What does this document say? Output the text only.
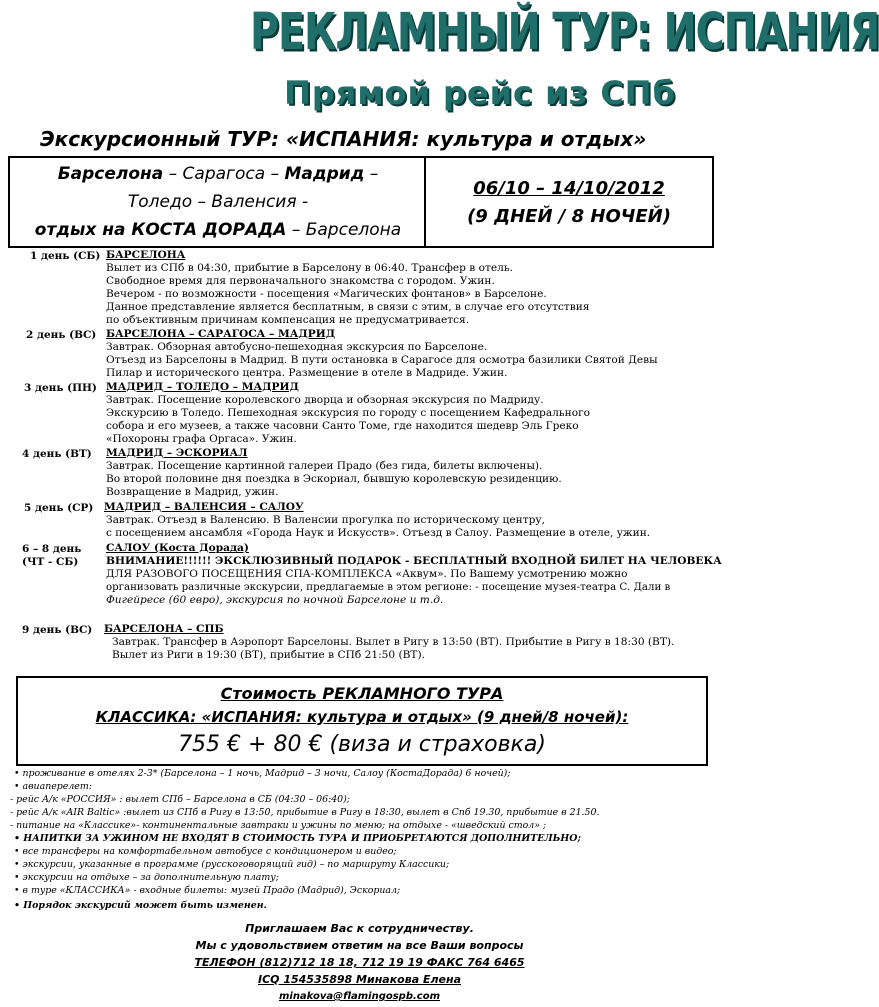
РЕКЛАМНЫЙ ТУР: ИСПАНИЯ
Прямой рейс из СПб
Экскурсионный ТУР: «ИСПАНИЯ: культура и отдых»
Барселона – Сарагоса – Мадрид –
Толедо – Валенсия -
отдых на КОСТА ДОРАДА – Барселона
06/10 – 14/10/2012
(9 ДНЕЙ / 8 НОЧЕЙ)
1 день (СБ) БАРСЕЛОНА
Вылет из СПб в 04:30, прибытие в Барселону в 06:40. Трансфер в отель.
Свободное время для первоначального знакомства с городом. Ужин.
Вечером - по возможности - посещения «Магических фонтанов» в Барселоне.
Данное представление является бесплатным, в связи с этим, в случае его отсутствия
по объективным причинам компенсация не предусматривается.
2 день (ВС) БАРСЕЛОНА – САРАГОСА – МАДРИД
Завтрак. Обзорная автобусно-пешеходная экскурсия по Барселоне.
Отъезд из Барселоны в Мадрид. В пути остановка в Сарагосе для осмотра базилики Святой Девы
Пилар и исторического центра. Размещение в отеле в Мадриде. Ужин.
3 день (ПН) МАДРИД – ТОЛЕДО – МАДРИД
Завтрак. Посещение королевского дворца и обзорная экскурсия по Мадриду.
Экскурсию в Толедо. Пешеходная экскурсия по городу с посещением Кафедрального
собора и его музеев, а также часовни Санто Томе, где находится шедевр Эль Греко
«Похороны графа Оргаса». Ужин.
4 день (ВТ) МАДРИД – ЭСКОРИАЛ
Завтрак. Посещение картинной галереи Прадо (без гида, билеты включены).
Во второй половине дня поездка в Эскориал, бывшую королевскую резиденцию.
Возвращение в Мадрид, ужин.
5 день (СР) МАДРИД – ВАЛЕНСИЯ – САЛОУ
Завтрак. Отъезд в Валенсию. В Валенсии прогулка по историческому центру,
с посещением ансамбля «Города Наук и Искусств». Отъезд в Салоу. Размещение в отеле, ужин.
6 – 8 день
(ЧТ - СБ)
САЛОУ (Коста Дорада)
ВНИМАНИЕ!!!!!! ЭКСКЛЮЗИВНЫЙ ПОДАРОК - БЕСПЛАТНЫЙ ВХОДНОЙ БИЛЕТ НА ЧЕЛОВЕКА
ДЛЯ РАЗОВОГО ПОСЕЩЕНИЯ СПА-КОМПЛЕКСА «Аквум». По Вашему усмотрению можно
организовать различные экскурсии, предлагаемые в этом регионе: - посещение музея-театра С. Дали в
Фигейресе (60 евро), экскурсия по ночной Барселоне и т.д.
9 день (ВС) БАРСЕЛОНА – СПБ
Завтрак. Трансфер в Аэропорт Барселоны. Вылет в Ригу в 13:50 (ВТ). Прибытие в Ригу в 18:30 (ВТ).
Вылет из Риги в 19:30 (ВТ), прибытие в СПб 21:50 (ВТ).
Стоимость РЕКЛАМНОГО ТУРА
КЛАССИКА: «ИСПАНИЯ: культура и отдых» (9 дней/8 ночей):
755 € + 80 € (виза и страховка)
• проживание в отелях 2-3* (Барселона – 1 ночь, Мадрид – 3 ночи, Салоу (КостаДорада) 6 ночей);
• авиаперелет:
- рейс А/к «РОССИЯ» : вылет СПб – Барселона в СБ (04:30 – 06:40);
- рейс А/к «AIR Baltic» :вылет из СПб в Ригу в 13:50, прибытие в Ригу в 18:30, вылет в Спб 19.30, прибытие в 21.50.
- питание на «Классике»- континентальные завтраки и ужины по меню; на отдыхе - «шведский стол» ;
• НАПИТКИ ЗА УЖИНОМ НЕ ВХОДЯТ В СТОИМОСТЬ ТУРА И ПРИОБРЕТАЮТСЯ ДОПОЛНИТЕЛЬНО;
• все трансферы на комфортабельном автобусе с кондиционером и видео;
• экскурсии, указанные в программе (русскоговорящий гид) – по маршруту Классики;
• экскурсии на отдыхе – за дополнительную плату;
• в туре «КЛАССИКА» - входные билеты: музей Прадо (Мадрид), Эскориал;
• Порядок экскурсий может быть изменен.
Приглашаем Вас к сотрудничеству.
Мы с удовольствием ответим на все Ваши вопросы
ТЕЛЕФОН (812)712 18 18, 712 19 19 ФАКС 764 6465
ICQ 154535898 Минакова Елена
minakova@flamingospb.com
